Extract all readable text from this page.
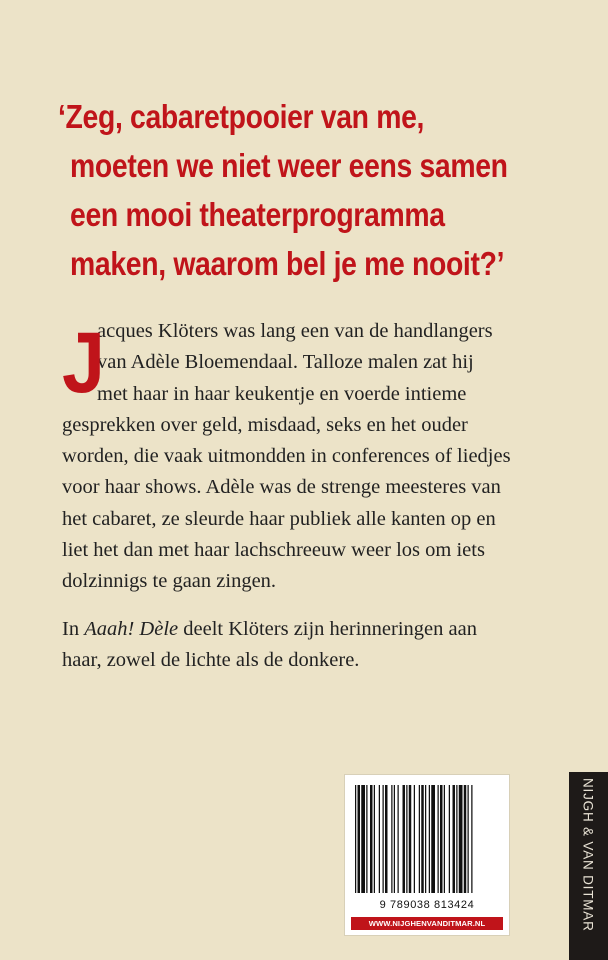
‘Zeg, cabaretpooier van me,
moeten we niet weer eens samen
een mooi theaterprogramma
maken, waarom bel je me nooit?’
J
acques Klöters was lang een van de handlangers
van Adèle Bloemendaal. Talloze malen zat hij
met haar in haar keukentje en voerde intieme
gesprekken over geld, misdaad, seks en het ouder
worden, die vaak uitmondden in conferences of liedjes
voor haar shows. Adèle was de strenge meesteres van
het cabaret, ze sleurde haar publiek alle kanten op en
liet het dan met haar lachschreeuw weer los om iets
dolzinnigs te gaan zingen.
In Aaah! Dèle deelt Klöters zijn herinneringen aan
haar, zowel de lichte als de donkere.
9 789038 813424
WWW.NIJGHENVANDITMAR.NL	NIJGH & VAN DITMAR
